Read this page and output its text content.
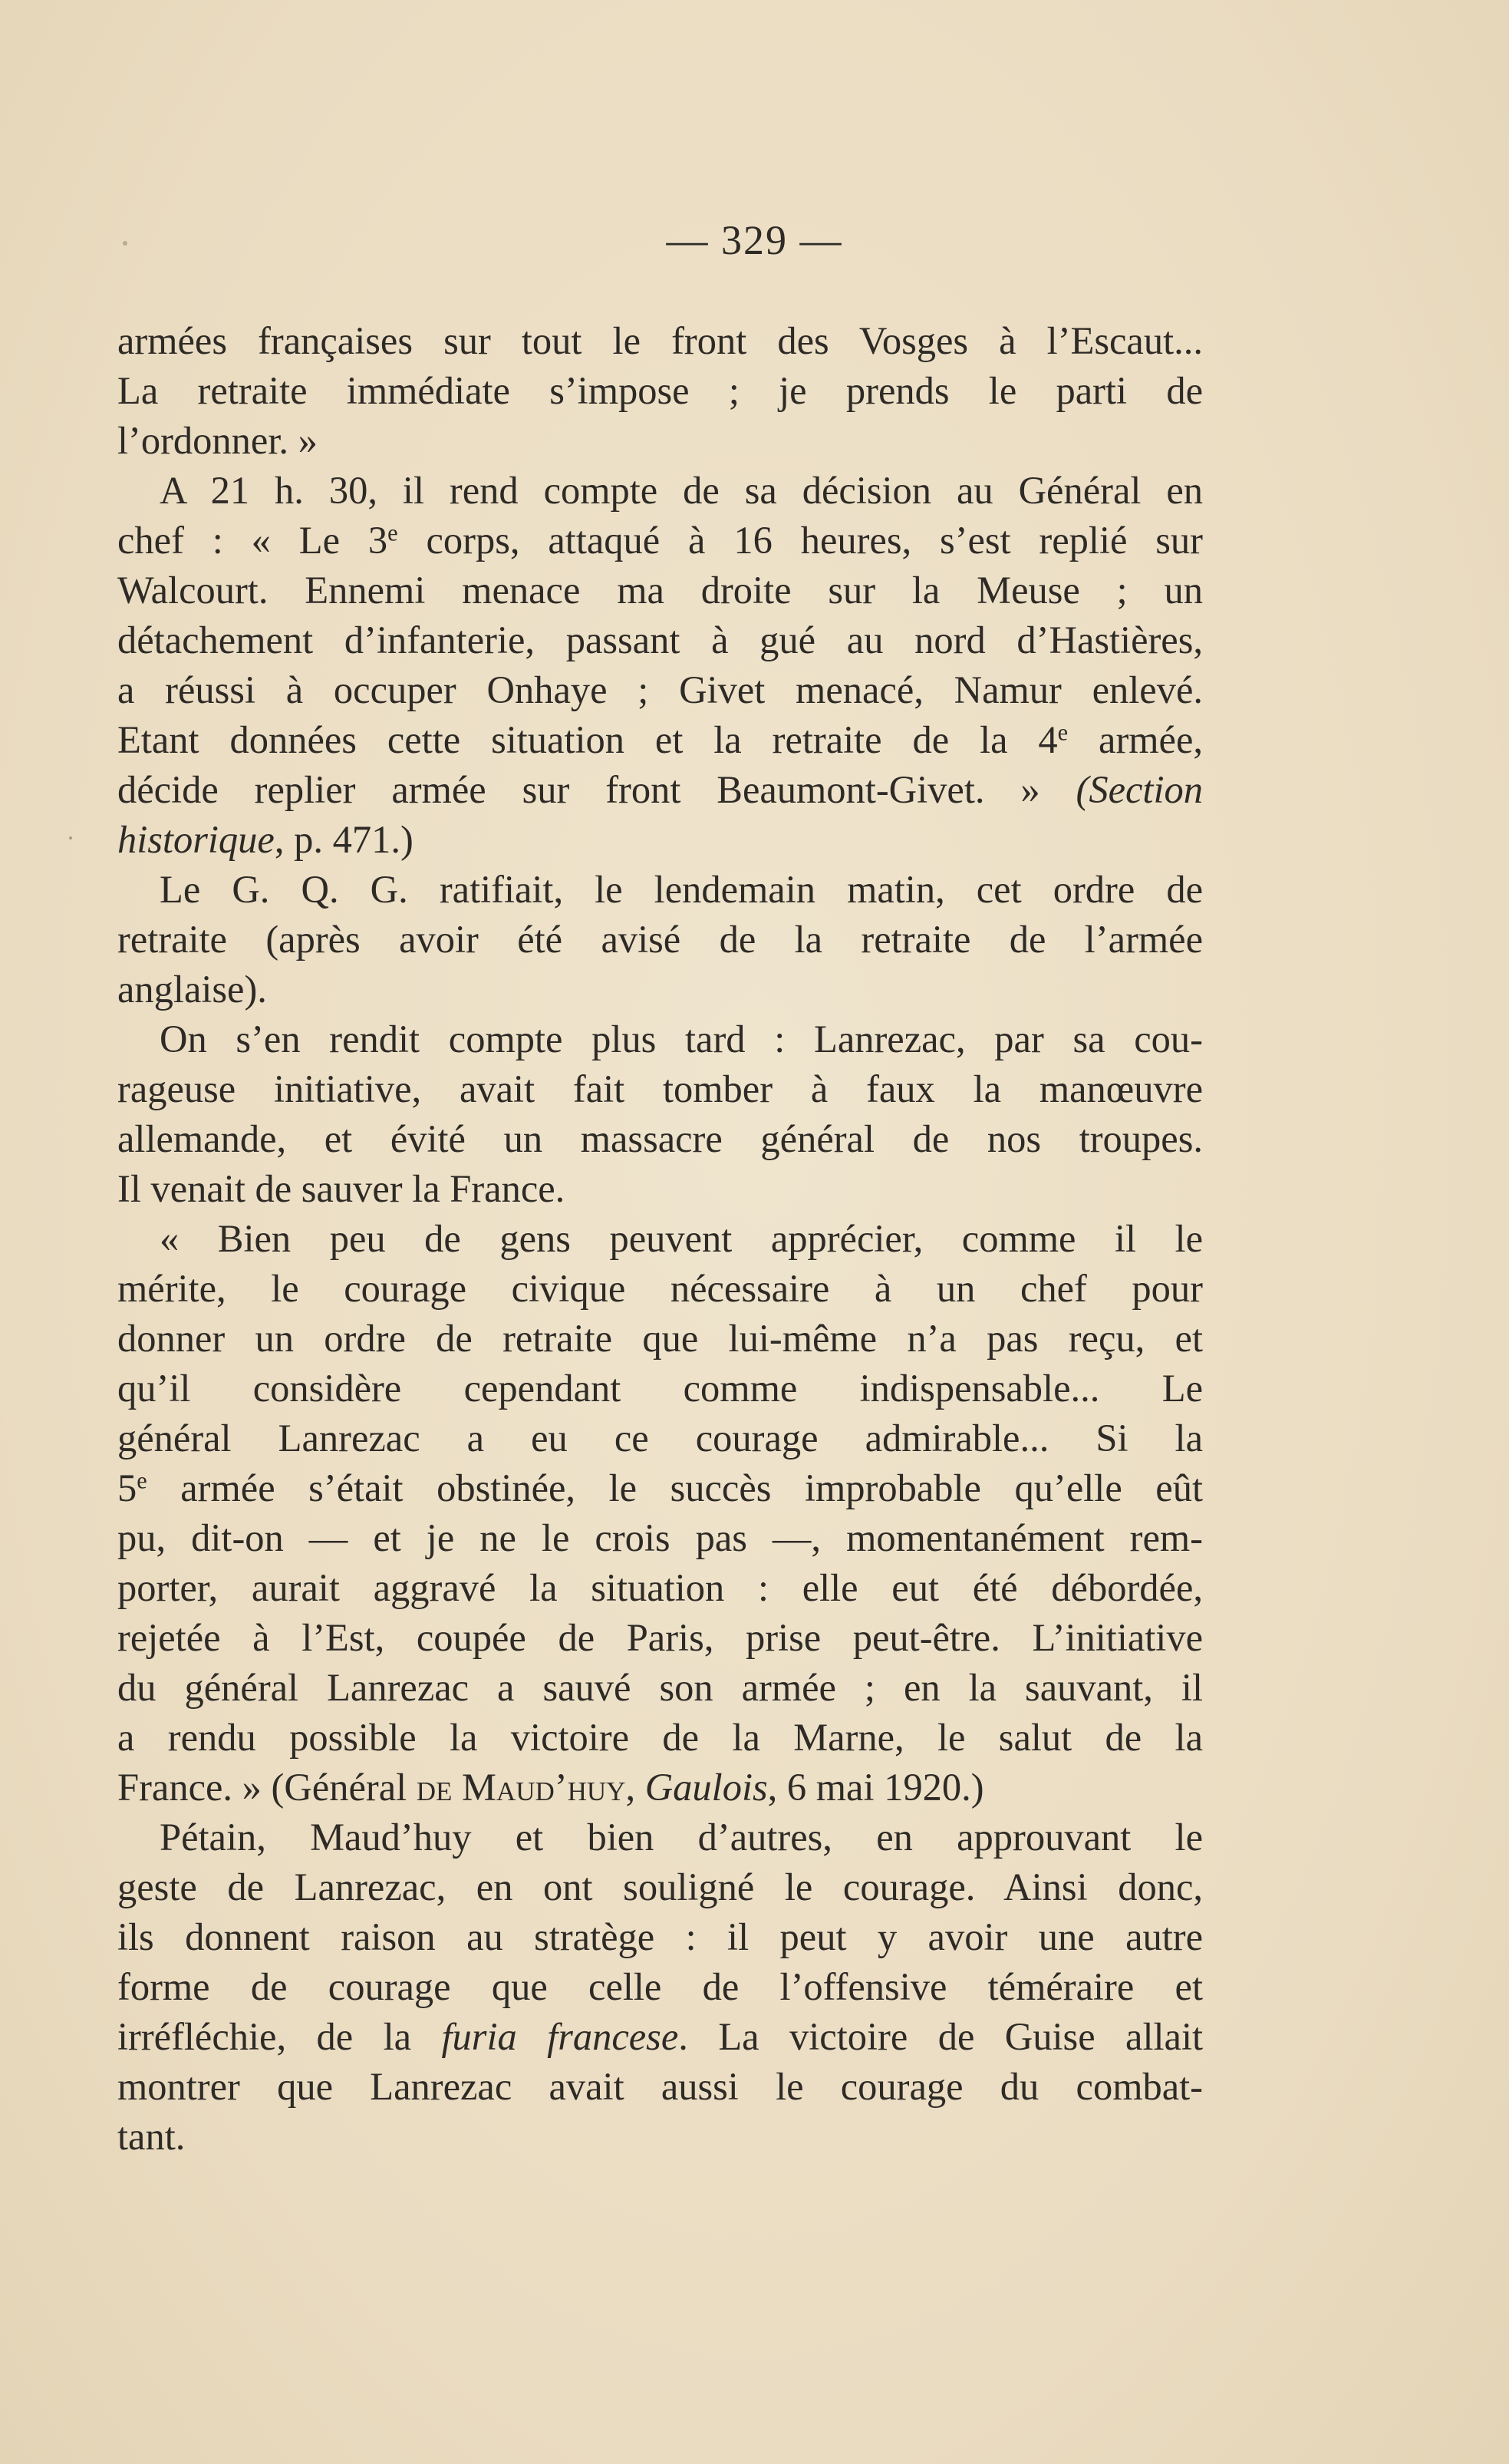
— 329 —
armées françaises sur tout le front des Vosges à l’Escaut...
La retraite immédiate s’impose ; je prends le parti de
l’ordonner. »
A 21 h. 30, il rend compte de sa décision au Général en
chef : « Le 3e corps, attaqué à 16 heures, s’est replié sur
Walcourt. Ennemi menace ma droite sur la Meuse ; un
détachement d’infanterie, passant à gué au nord d’Hastières,
a réussi à occuper Onhaye ; Givet menacé, Namur enlevé.
Etant données cette situation et la retraite de la 4e armée,
décide replier armée sur front Beaumont-Givet. » (Section
historique, p. 471.)
Le G. Q. G. ratifiait, le lendemain matin, cet ordre de
retraite (après avoir été avisé de la retraite de l’armée
anglaise).
On s’en rendit compte plus tard : Lanrezac, par sa cou-
rageuse initiative, avait fait tomber à faux la manœuvre
allemande, et évité un massacre général de nos troupes.
Il venait de sauver la France.
« Bien peu de gens peuvent apprécier, comme il le
mérite, le courage civique nécessaire à un chef pour
donner un ordre de retraite que lui-même n’a pas reçu, et
qu’il considère cependant comme indispensable... Le
général Lanrezac a eu ce courage admirable... Si la
5e armée s’était obstinée, le succès improbable qu’elle eût
pu, dit-on — et je ne le crois pas —, momentanément rem-
porter, aurait aggravé la situation : elle eut été débordée,
rejetée à l’Est, coupée de Paris, prise peut-être. L’initiative
du général Lanrezac a sauvé son armée ; en la sauvant, il
a rendu possible la victoire de la Marne, le salut de la
France. » (Général de Maud’huy, Gaulois, 6 mai 1920.)
Pétain, Maud’huy et bien d’autres, en approuvant le
geste de Lanrezac, en ont souligné le courage. Ainsi donc,
ils donnent raison au stratège : il peut y avoir une autre
forme de courage que celle de l’offensive téméraire et
irréfléchie, de la furia francese. La victoire de Guise allait
montrer que Lanrezac avait aussi le courage du combat-
tant.
